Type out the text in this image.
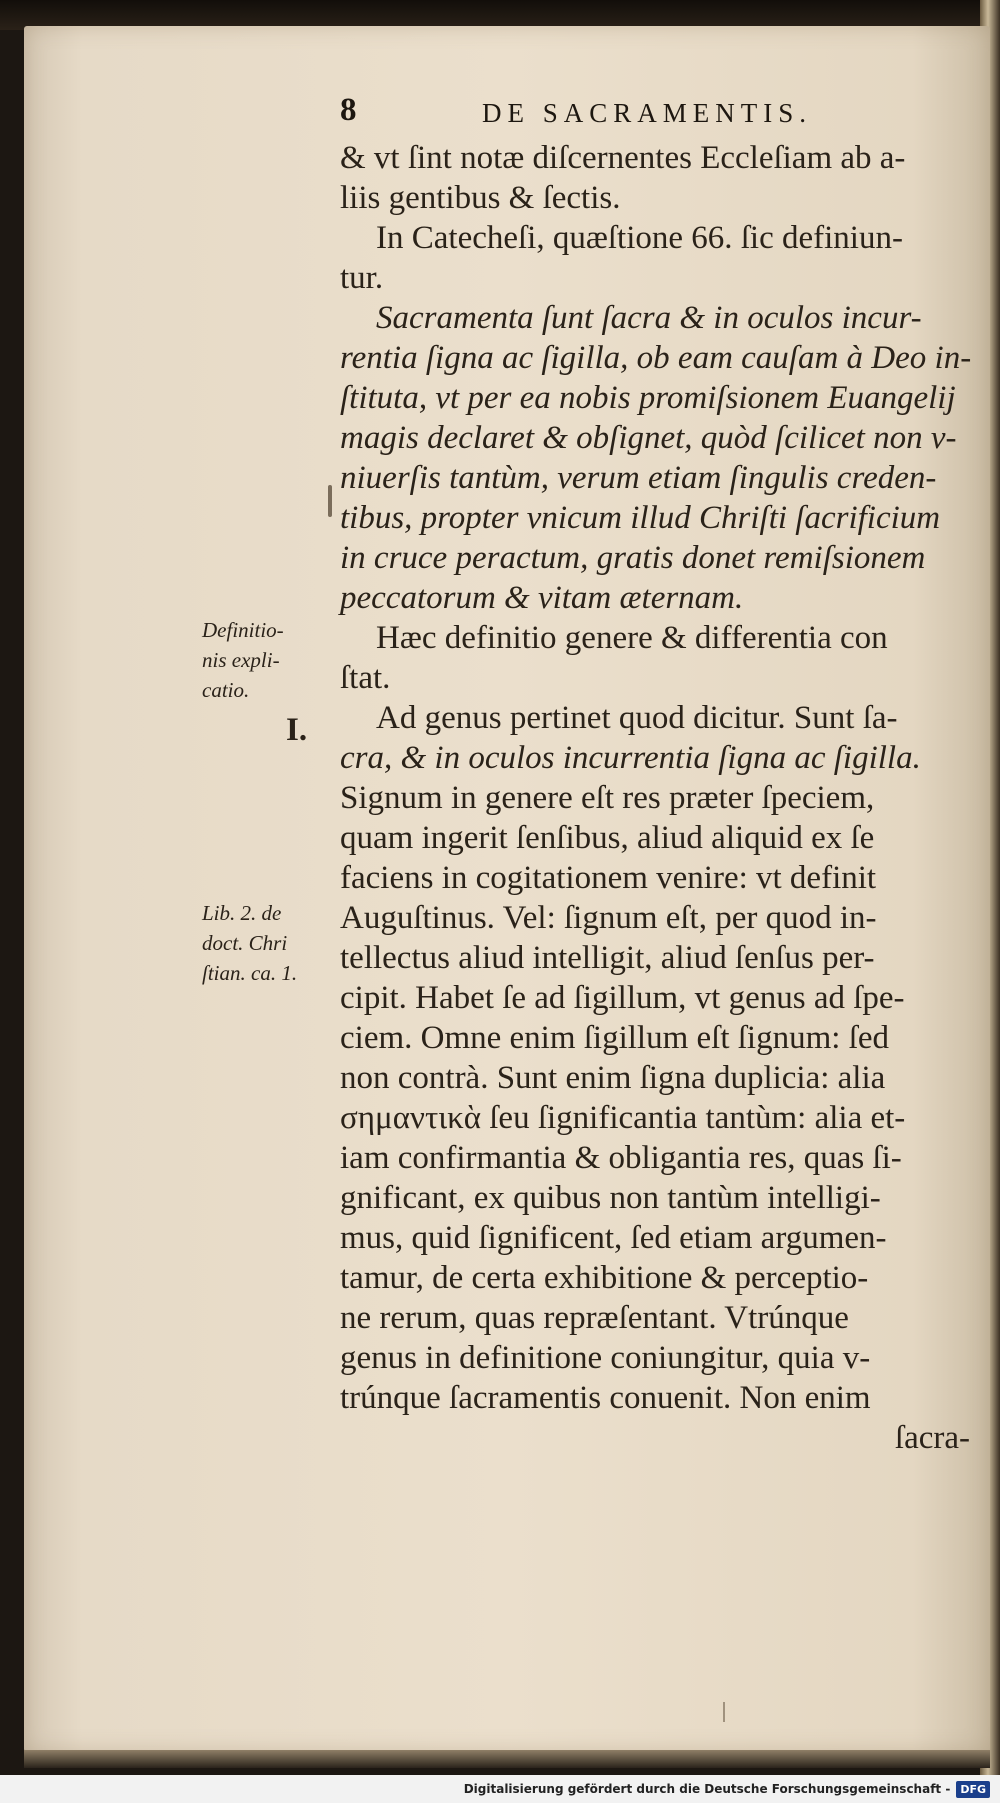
8	DE SACRAMENTIS.
& vt ſint notæ diſcernentes Eccleſiam ab a-
liis gentibus & ſectis.
In Catecheſi, quæſtione 66. ſic definiun-
tur.
Sacramenta ſunt ſacra & in oculos incur-
rentia ſigna ac ſigilla, ob eam cauſam à Deo in-
ſtituta, vt per ea nobis promiſsionem Euangelij
magis declaret & obſignet, quòd ſcilicet non v-
niuerſis tantùm, verum etiam ſingulis creden-
tibus, propter vnicum illud Chriſti ſacrificium
in cruce peractum, gratis donet remiſsionem
peccatorum & vitam æternam.
Hæc definitio genere & differentia con
ſtat.
Ad genus pertinet quod dicitur. Sunt ſa-
cra, & in oculos incurrentia ſigna ac ſigilla.
Signum in genere eſt res præter ſpeciem,
quam ingerit ſenſibus, aliud aliquid ex ſe
faciens in cogitationem venire: vt definit
Auguſtinus. Vel: ſignum eſt, per quod in-
tellectus aliud intelligit, aliud ſenſus per-
cipit. Habet ſe ad ſigillum, vt genus ad ſpe-
ciem. Omne enim ſigillum eſt ſignum: ſed
non contrà. Sunt enim ſigna duplicia: alia
σημαντικὰ ſeu ſignificantia tantùm: alia et-
iam confirmantia & obligantia res, quas ſi-
gnificant, ex quibus non tantùm intelligi-
mus, quid ſignificent, ſed etiam argumen-
tamur, de certa exhibitione & perceptio-
ne rerum, quas repræſentant. Vtrúnque
genus in definitione coniungitur, quia v-
trúnque ſacramentis conuenit. Non enim
ſacra-
Definitio-
nis expli-
catio.
I.
Lib. 2. de
doct. Chri
ſtian. ca. 1.
Digitalisierung gefördert durch die Deutsche Forschungsgemeinschaft - DFG
